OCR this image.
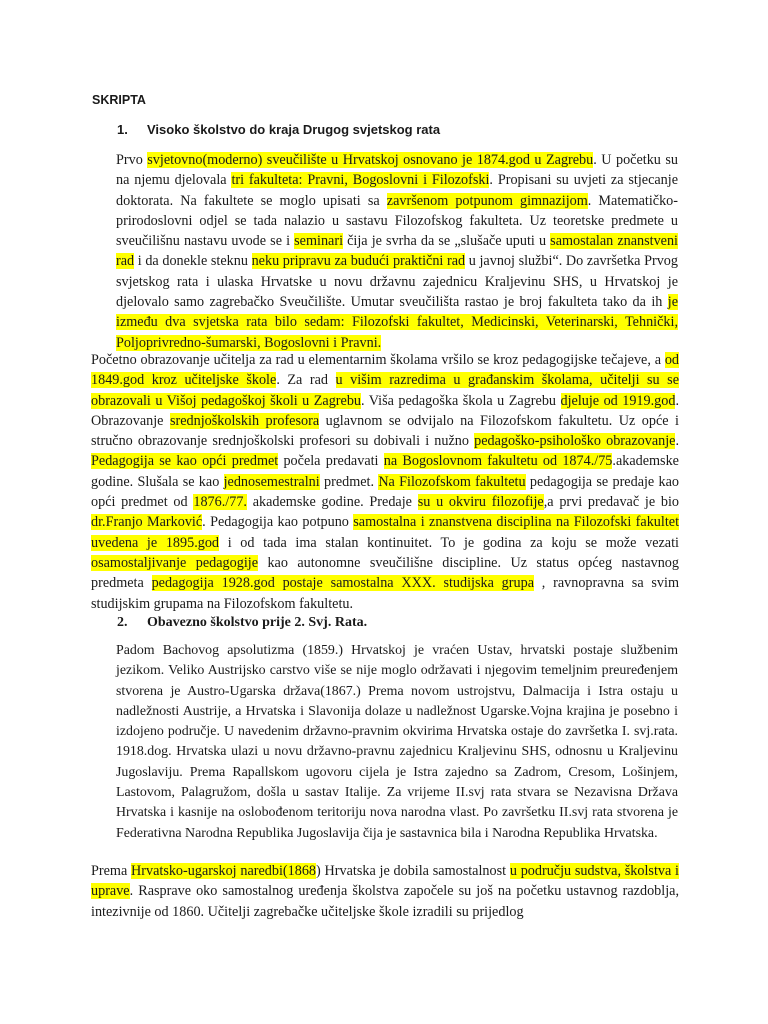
SKRIPTA
1. Visoko školstvo do kraja Drugog svjetskog rata

Prvo svjetovno(moderno) sveučilište u Hrvatskoj osnovano je 1874.god u Zagrebu. U početku su na njemu djelovala tri fakulteta: Pravni, Bogoslovni i Filozofski. Propisani su uvjeti za stjecanje doktorata. Na fakultete se moglo upisati sa završenom potpunom gimnazijom. Matematičko-prirodoslovni odjel se tada nalazio u sastavu Filozofskog fakulteta. Uz teoretske predmete u sveučilišnu nastavu uvode se i seminari čija je svrha da se „slušače uputi u samostalan znanstveni rad i da donekle steknu neku pripravu za budući praktični rad u javnoj službi“. Do završetka Prvog svjetskog rata i ulaska Hrvatske u novu državnu zajednicu Kraljevinu SHS, u Hrvatskoj je djelovalo samo zagrebačko Sveučilište. Umutar sveučilišta rastao je broj fakulteta tako da ih je između dva svjetska rata bilo sedam: Filozofski fakultet, Medicinski, Veterinarski, Tehnički, Poljoprivredno-šumarski, Bogoslovni i Pravni.

Početno obrazovanje učitelja za rad u elementarnim školama vršilo se kroz pedagogijske tečajeve, a od 1849.god kroz učiteljske škole. Za rad u višim razredima u građanskim školama, učitelji su se obrazovali u Višoj pedagoškoj školi u Zagrebu. Viša pedagoška škola u Zagrebu djeluje od 1919.god. Obrazovanje srednjoškolskih profesora uglavnom se odvijalo na Filozofskom fakultetu. Uz opće i stručno obrazovanje srednjoškolski profesori su dobivali i nužno pedagoško-psihološko obrazovanje. Pedagogija se kao opći predmet počela predavati na Bogoslovnom fakultetu od 1874./75.akademske godine. Slušala se kao jednosemestralni predmet. Na Filozofskom fakultetu pedagogija se predaje kao opći predmet od 1876./77. akademske godine. Predaje su u okviru filozofije,a prvi predavač je bio dr.Franjo Marković. Pedagogija kao potpuno samostalna i znanstvena disciplina na Filozofski fakultet uvedena je 1895.god i od tada ima stalan kontinuitet. To je godina za koju se može vezati osamostaljivanje pedagogije kao autonomne sveučilišne discipline. Uz status općeg nastavnog predmeta pedagogija 1928.god postaje samostalna XXX. studijska grupa , ravnopravna sa svim studijskim grupama na Filozofskom fakultetu.

2. Obavezno školstvo prije 2. Svj. Rata.

Padom Bachovog apsolutizma (1859.) Hrvatskoj je vraćen Ustav, hrvatski postaje službenim jezikom. Veliko Austrijsko carstvo više se nije moglo održavati i njegovim temeljnim preuređenjem stvorena je Austro-Ugarska država(1867.) Prema novom ustrojstvu, Dalmacija i Istra ostaju u nadležnosti Austrije, a Hrvatska i Slavonija dolaze u nadležnost Ugarske.Vojna krajina je posebno i izdojeno područje. U navedenim državno-pravnim okvirima Hrvatska ostaje do završetka I. svj.rata. 1918.dog. Hrvatska ulazi u novu državno-pravnu zajednicu Kraljevinu SHS, odnosnu u Kraljevinu Jugoslaviju. Prema Rapallskom ugovoru cijela je Istra zajedno sa Zadrom, Cresom, Lošinjem, Lastovom, Palagružom, došla u sastav Italije. Za vrijeme II.svj rata stvara se Nezavisna Država Hrvatska i kasnije na oslobođenom teritoriju nova narodna vlast. Po završetku II.svj rata stvorena je Federativna Narodna Republika Jugoslavija čija je sastavnica bila i Narodna Republika Hrvatska.

Prema Hrvatsko-ugarskoj naredbi(1868) Hrvatska je dobila samostalnost u području sudstva, školstva i uprave. Rasprave oko samostalnog uređenja školstva započele su još na početku ustavnog razdoblja, intezivnije od 1860. Učitelji zagrebačke učiteljske škole izradili su prijedlog
